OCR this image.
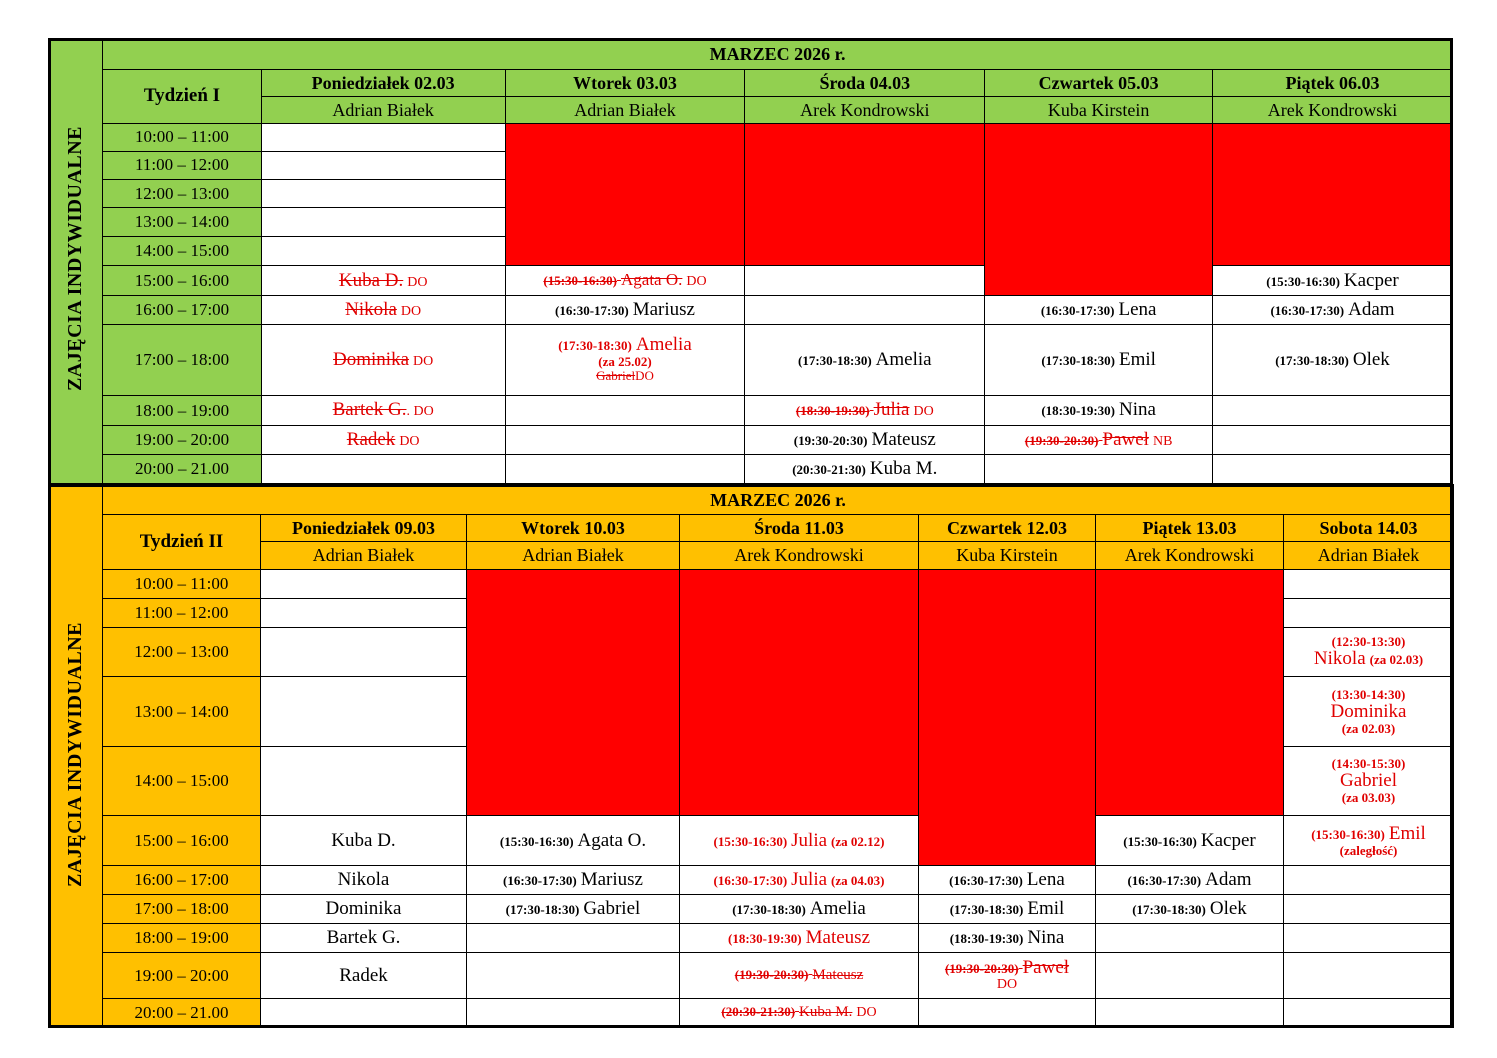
ZAJĘCIA INDYWIDUALNE	MARZEC 2026 r.					
	Tydzień I	Poniedziałek 02.03	Wtorek 03.03	Środa 04.03	Czwartek 05.03	Piątek 06.03
		Adrian Białek	Adrian Białek	Arek Kondrowski	Kuba Kirstein	Arek Kondrowski
	10:00 – 11:00					
	11:00 – 12:00					
	12:00 – 13:00					
	13:00 – 14:00					
	14:00 – 15:00					
	15:00 – 16:00	Kuba D. DO	(15:30-16:30) Agata O. DO			(15:30-16:30) Kacper
	16:00 – 17:00	Nikola DO	(16:30-17:30) Mariusz		(16:30-17:30) Lena	(16:30-17:30) Adam
	17:00 – 18:00	Dominika DO	(17:30-18:30) Amelia
(za 25.02)
GabrielDO	(17:30-18:30) Amelia	(17:30-18:30) Emil	(17:30-18:30) Olek
	18:00 – 19:00	Bartek G.. DO		(18:30-19:30) Julia DO	(18:30-19:30) Nina	
	19:00 – 20:00	Radek DO		(19:30-20:30) Mateusz	(19:30-20:30) Paweł NB	
	20:00 – 21.00			(20:30-21:30) Kuba M.		
ZAJĘCIA INDYWIDUALNE	MARZEC 2026 r.						
	Tydzień II	Poniedziałek 09.03	Wtorek 10.03	Środa 11.03	Czwartek 12.03	Piątek 13.03	Sobota 14.03
		Adrian Białek	Adrian Białek	Arek Kondrowski	Kuba Kirstein	Arek Kondrowski	Adrian Białek
	10:00 – 11:00						
	11:00 – 12:00						
	12:00 – 13:00						(12:30-13:30)
Nikola (za 02.03)

	13:00 – 14:00						(13:30-14:30)
Dominika
(za 02.03)

	14:00 – 15:00						(14:30-15:30)
Gabriel
(za 03.03)

	15:00 – 16:00	Kuba D.	(15:30-16:30) Agata O.	(15:30-16:30) Julia (za 02.12)		(15:30-16:30) Kacper	(15:30-16:30) Emil
(zaległość)

	16:00 – 17:00	Nikola	(16:30-17:30) Mariusz	(16:30-17:30) Julia (za 04.03)	(16:30-17:30) Lena	(16:30-17:30) Adam	
	17:00 – 18:00	Dominika	(17:30-18:30) Gabriel	(17:30-18:30) Amelia	(17:30-18:30) Emil	(17:30-18:30) Olek	
	18:00 – 19:00	Bartek G.		(18:30-19:30) Mateusz	(18:30-19:30) Nina		
	19:00 – 20:00	Radek		(19:30-20:30) Mateusz	(19:30-20:30) Paweł
DO		

	20:00 – 21.00			(20:30-21:30) Kuba M. DO			
